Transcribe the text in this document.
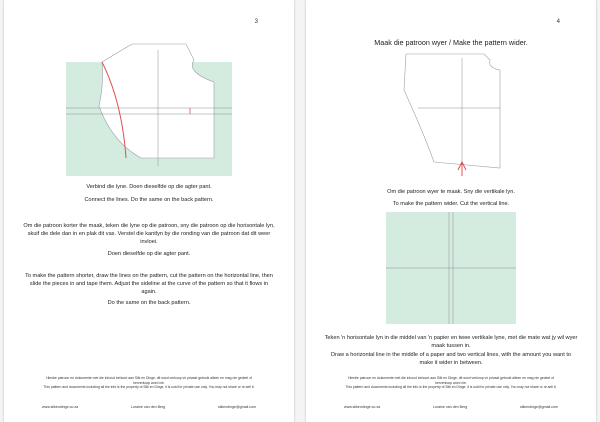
3
Verbind die lyne. Doen dieselfde op die agter pant.
Connect the lines. Do the same on the back pattern.
Om die patroon korter the maak, teken die lyne op die patroon, sny die patroon op die horisontale lyn, skuif die dele dan in en plak dit vas. Verstel die kantlyn by die ronding van die patroon dat dit weer invloei.
Doen dieselfde op die agter pant.
To make the pattern shorter, draw the lines on the pattern, cut the pattern on the horizontal line, then slide the pieces in and tape them. Adjust the sideline at the curve of the pattern so that it flows in again.
Do the same on the back pattern.
Hierdie patroon en dokumente met die inhoud behoort aan Silk en Dinge, dit word verkoop vir privaat gebruik alleen en mag nie gedeel of herverkoop word nie.
This pattern and documents including all the info is the property of Silk en Dinge, it is sold for private use only. You may not share or re-sell it.
www.silkendinge.co.za	Loraine van den Berg	silkendinge@gmail.com
4
Maak die patroon wyer / Make the pattern wider.
Om die patroon wyer te maak. Sny die vertikale lyn.
To make the pattern wider. Cut the vertical line.
Teken 'n horisontale lyn in die middel van 'n papier en twee vertikale lyne, met die mate wat jy wil wyer maak tussen in.
Draw a horizontal line in the middle of a paper and two vertical lines, with the amount you want to make it wider in between.
Hierdie patroon en dokumente met die inhoud behoort aan Silk en Dinge, dit word verkoop vir privaat gebruik alleen en mag nie gedeel of herverkoop word nie.
This pattern and documents including all the info is the property of Silk en Dinge, it is sold for private use only. You may not share or re-sell it.
www.silkendinge.co.za	Loraine van den Berg	silkendinge@gmail.com
